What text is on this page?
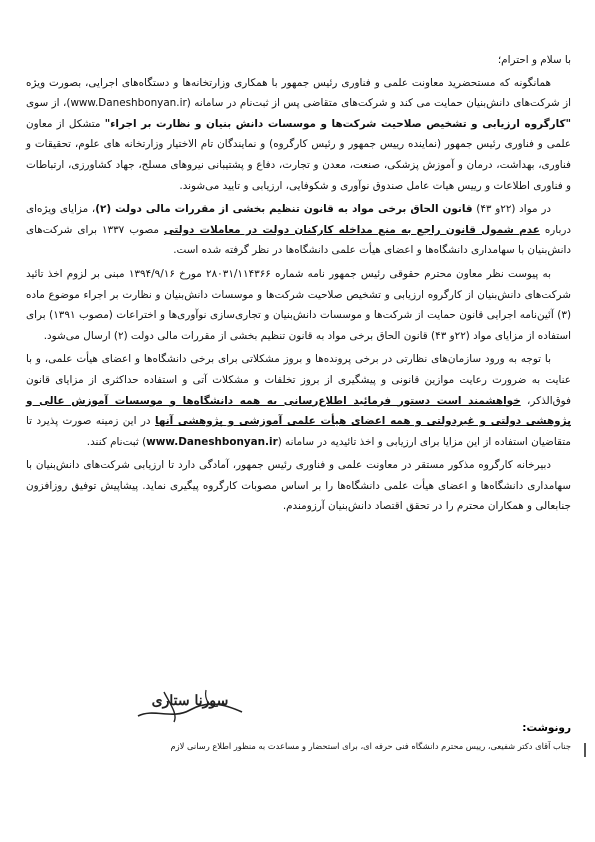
با سلام و احترام؛

همانگونه که مستحضرید معاونت علمی و فناوری رئیس جمهور با همکاری وزارتخانه‌ها و دستگاه‌های اجرایی، بصورت ویژه از شرکت‌های دانش‌بنیان حمایت می کند و شرکت‌های متقاضی پس از ثبت‌نام در سامانه (www.Daneshbonyan.ir)، از سوی "کارگروه ارزیابی و تشخیص صلاحیت شرکت‌ها و موسسات دانش بنیان و نظارت بر اجراء" متشکل از معاون علمی و فناوری رئیس جمهور (نماینده رییس جمهور و رئیس کارگروه) و نمایندگان تام الاختیار وزارتخانه های علوم، تحقیقات و فناوری، بهداشت، درمان و آموزش پزشکی، صنعت، معدن و تجارت، دفاع و پشتیبانی نیروهای مسلح، جهاد کشاورزی، ارتباطات و فناوری اطلاعات و رییس هیات عامل صندوق نوآوری و شکوفایی، ارزیابی و تایید می‌شوند.

در مواد (۲۲و ۴۳) قانون الحاق برخی مواد به قانون تنظیم بخشی از مقررات مالی دولت (۲)، مزایای ویژه‌ای درباره عدم شمول قانون راجع به منع مداخله کارکنان دولت در معاملات دولتی مصوب ۱۳۳۷ برای شرکت‌های دانش‌بنیان با سهامداری دانشگاه‌ها و اعضای هیأت علمی دانشگاه‌ها در نظر گرفته شده است.

به پیوست نظر معاون محترم حقوقی رئیس جمهور نامه شماره ۲۸۰۳۱/۱۱۴۳۶۶ مورخ ۱۳۹۴/۹/۱۶ مبنی بر لزوم اخذ تائید شرکت‌های دانش‌بنیان از کارگروه ارزیابی و تشخیص صلاحیت شرکت‌ها و موسسات دانش‌بنیان و نظارت بر اجراء موضوع ماده (۳) آئین‌نامه اجرایی قانون حمایت از شرکت‌ها و موسسات دانش‌بنیان و تجاری‌سازی نوآوری‌ها و اختراعات (مصوب ۱۳۹۱) برای استفاده از مزایای مواد (۲۲و ۴۳) قانون الحاق برخی مواد به قانون تنظیم بخشی از مقررات مالی دولت (۲) ارسال می‌شود.

با توجه به ورود سازمان‌های نظارتی در برخی پرونده‌ها و بروز مشکلاتی برای برخی دانشگاه‌ها و اعضای هیأت علمی، و با عنایت به ضرورت رعایت موازین قانونی و پیشگیری از بروز تخلفات و مشکلات آتی و استفاده حداکثری از مزایای قانون فوق‌الذکر، خواهشمند است دستور فرمائید اطلاع‌رسانی به همه دانشگاه‌ها و موسسات آموزش عالی و پژوهشی دولتی و غیردولتی و همه اعضای هیأت علمی آموزشی و پژوهشی آنها در این زمینه صورت پذیرد تا متقاضیان استفاده از این مزایا برای ارزیابی و اخذ تائیدیه در سامانه (www.Daneshbonyan.ir) ثبت‌نام کنند.

دبیرخانه کارگروه مذکور مستقر در معاونت علمی و فناوری رئیس جمهور، آمادگی دارد تا ارزیابی شرکت‌های دانش‌بنیان با سهامداری دانشگاه‌ها و اعضای هیأت علمی دانشگاه‌ها را بر اساس مصوبات کارگروه پیگیری نماید. پیشاپیش توفیق روزافزون جنابعالی و همکاران محترم را در تحقق اقتصاد دانش‌بنیان آرزومندم.

سورنا ستاری
رونوشت:
جناب آقای دکتر شفیعی، رییس محترم دانشگاه فنی حرفه ای، برای استحضار و مساعدت به منظور اطلاع رسانی لازم
